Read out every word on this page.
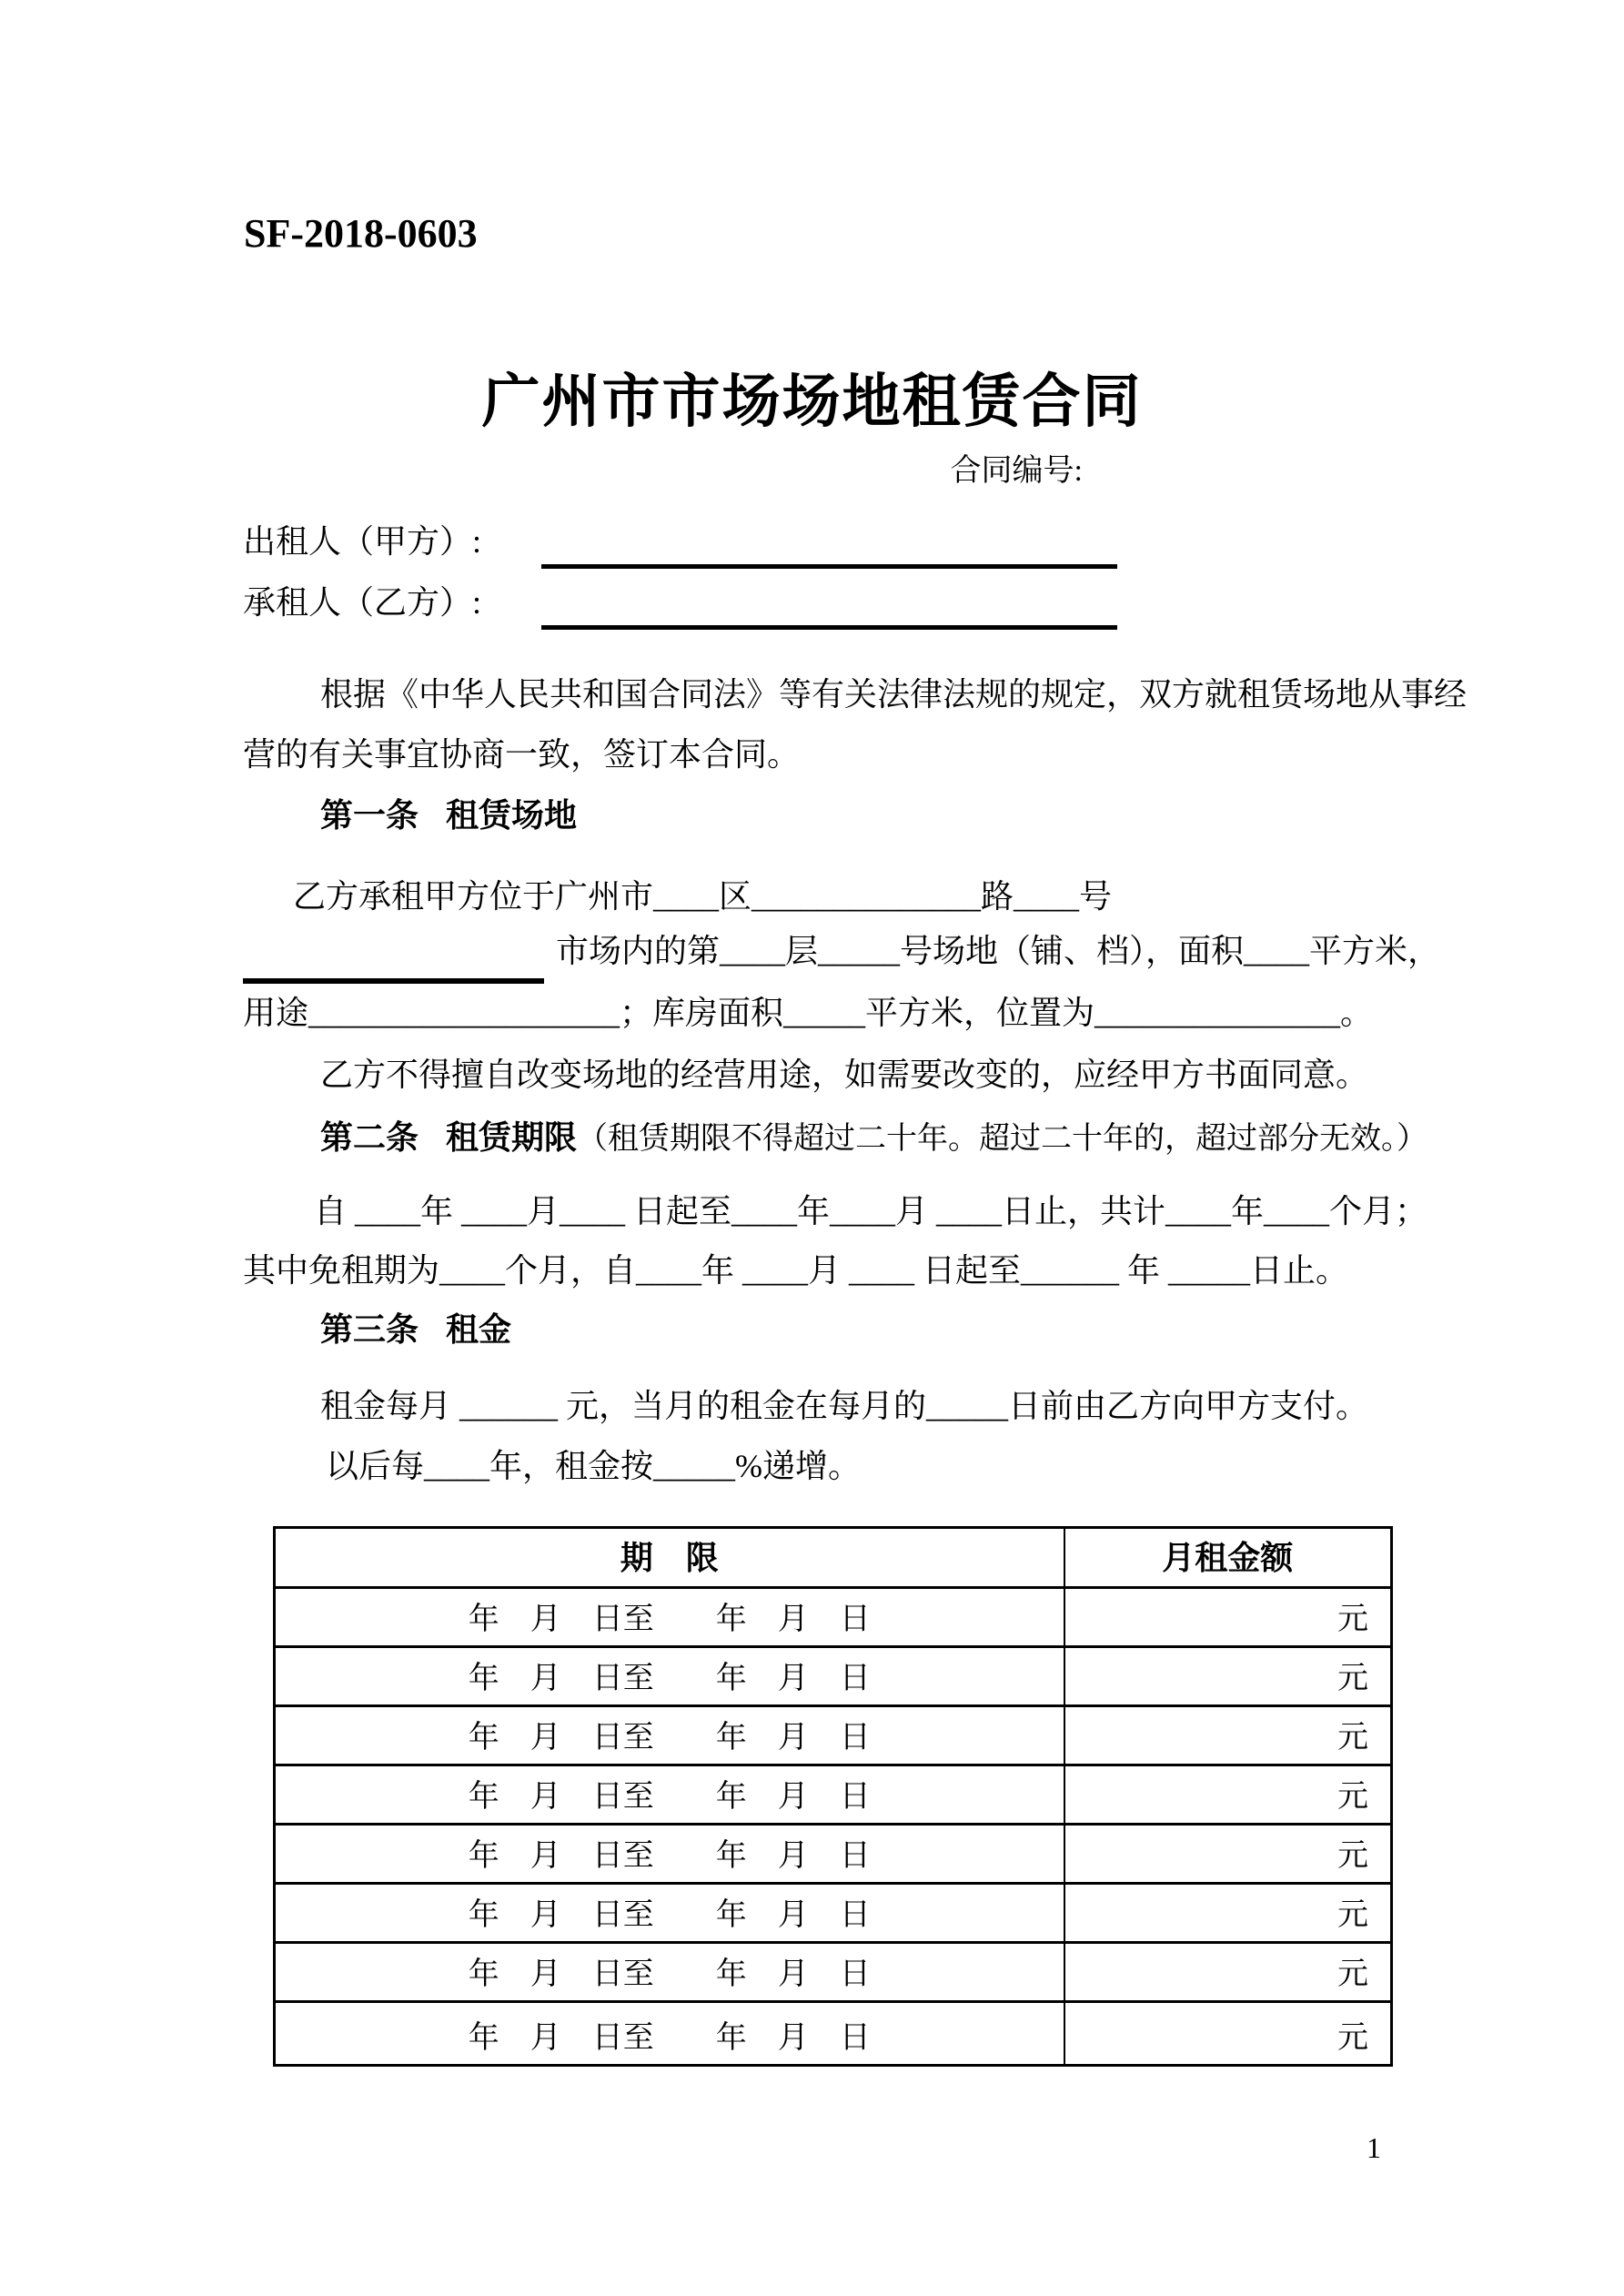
SF-2018-0603
广州市市场场地租赁合同
合同编号:
出租人（甲方）:
承租人（乙方）:
根据《中华人民共和国合同法》等有关法律法规的规定，双方就租赁场地从事经
营的有关事宜协商一致，签订本合同。
第一条 租赁场地
乙方承租甲方位于广州市____区______________路____号
市场内的第____层_____号场地（铺、档），面积____平方米，
用途___________________；库房面积_____平方米，位置为_______________。
乙方不得擅自改变场地的经营用途，如需要改变的，应经甲方书面同意。
第二条 租赁期限（租赁期限不得超过二十年。超过二十年的，超过部分无效。）
自 ____年 ____月____ 日起至____年____月 ____日止，共计____年____个月；
其中免租期为____个月，自____年 ____月 ____ 日起至______ 年 _____日止。
第三条 租金
租金每月 ______ 元，当月的租金在每月的_____日前由乙方向甲方支付。
以后每____年，租金按_____%递增。
期　限	月租金额
年　月　日至　　年　月　日	元
年　月　日至　　年　月　日	元
年　月　日至　　年　月　日	元
年　月　日至　　年　月　日	元
年　月　日至　　年　月　日	元
年　月　日至　　年　月　日	元
年　月　日至　　年　月　日	元
年　月　日至　　年　月　日	元
1
